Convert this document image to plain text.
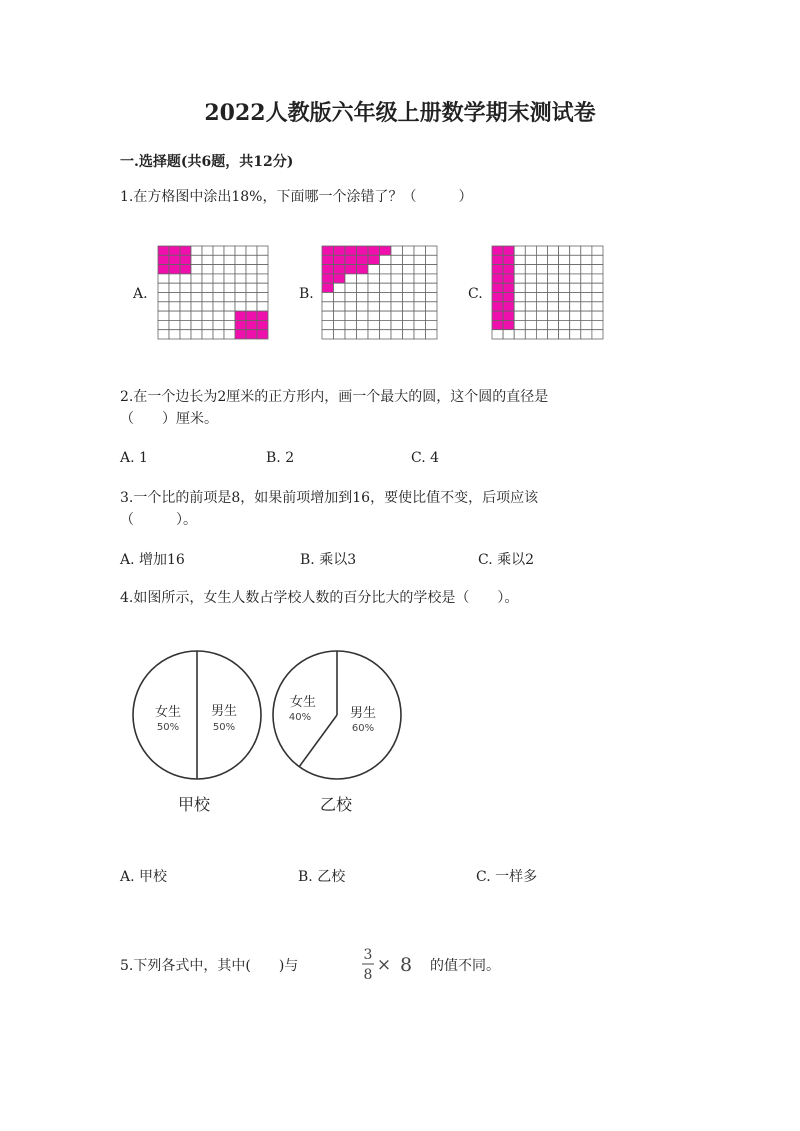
2022人教版六年级上册数学期末测试卷
一.选择题(共6题，共12分)
1.在方格图中涂出18%，下面哪一个涂错了？（　　　）
A.	B.	C.
2.在一个边长为2厘米的正方形内，画一个最大的圆，这个圆的直径是
（　　）厘米。
A. 1	B. 2	C. 4
3.一个比的前项是8，如果前项增加到16，要使比值不变，后项应该
（　　　）。
A. 增加16	B. 乘以3	C. 乘以2
4.如图所示，女生人数占学校人数的百分比大的学校是（　　）。
女生
50%
男生
50%
甲校
女生
40%	男生
60%
乙校
A. 甲校	B. 乙校	C. 一样多
5.下列各式中，其中(　　)与
3
8 × 8 的值不同。
